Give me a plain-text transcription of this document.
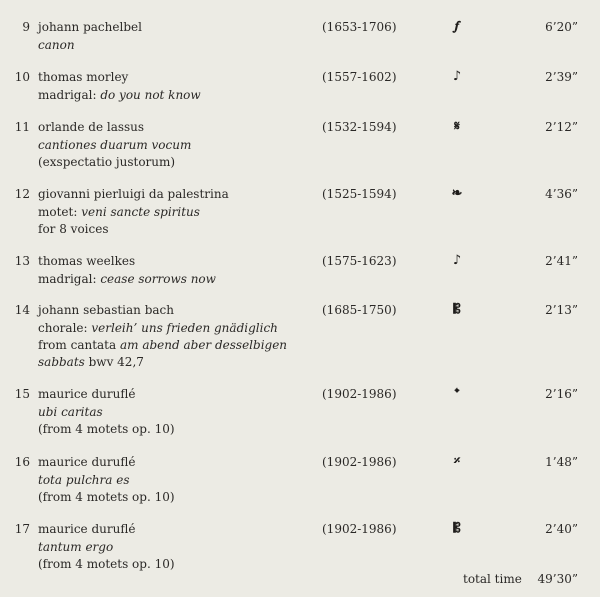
total time	49’30”
9 johann pachelbel	(1653-1706)	𝆑	6’20”
canon
10 thomas morley	(1557-1602)	♪	2’39”
madrigal: do you not know
11 orlande de lassus	(1532-1594)	𝄋	2’12”
cantiones duarum vocum
(exspectatio justorum)
12 giovanni pierluigi da palestrina	(1525-1594)	❧	4’36”
motet: veni sancte spiritus
for 8 voices
13 thomas weelkes	(1575-1623)	♪	2’41”
madrigal: cease sorrows now
14 johann sebastian bach	(1685-1750)	𝄡	2’13”
chorale: verleih’ uns frieden gnädiglich
from cantata am abend aber desselbigen
sabbats bwv 42,7
15 maurice duruflé	(1902-1986)	𝄌	2’16”
ubi caritas
(from 4 motets op. 10)
16 maurice duruflé	(1902-1986)	𝄎	1’48”
tota pulchra es
(from 4 motets op. 10)
17 maurice duruflé	(1902-1986)	𝄡	2’40”
tantum ergo
(from 4 motets op. 10)
